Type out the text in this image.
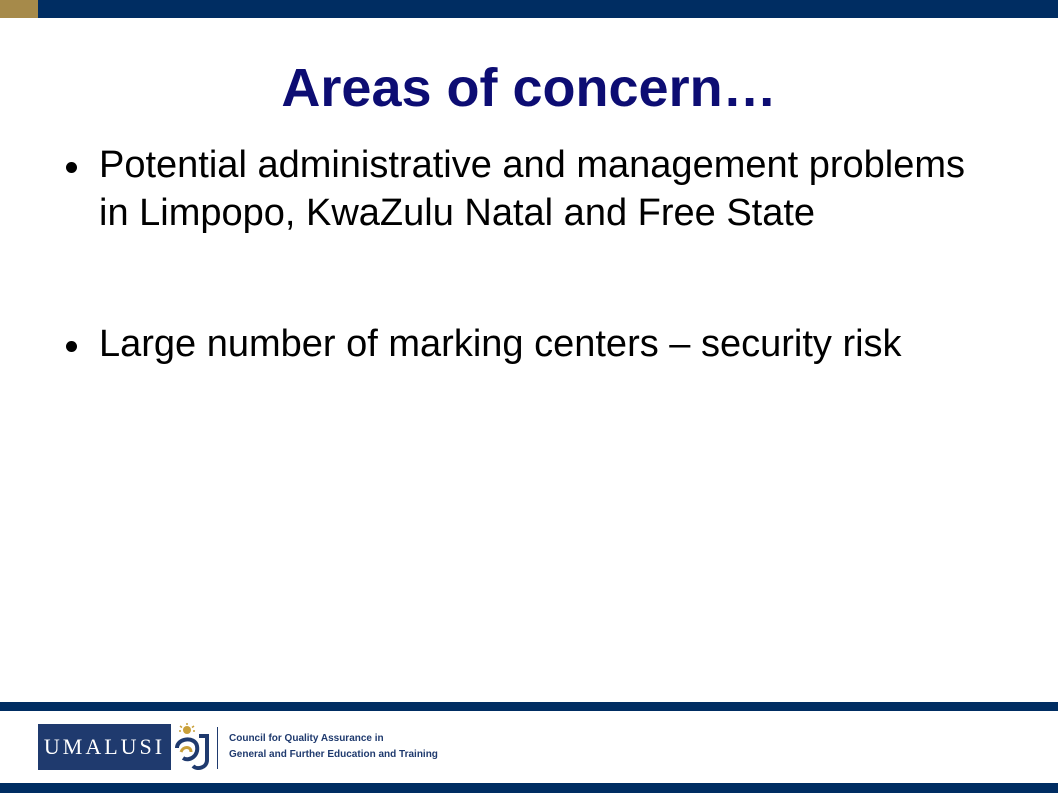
Areas of concern…
Potential administrative and management problems in Limpopo, KwaZulu Natal and Free State
Large number of marking centers – security risk
UMALUSI	Council for Quality Assurance in
General and Further Education and Training
